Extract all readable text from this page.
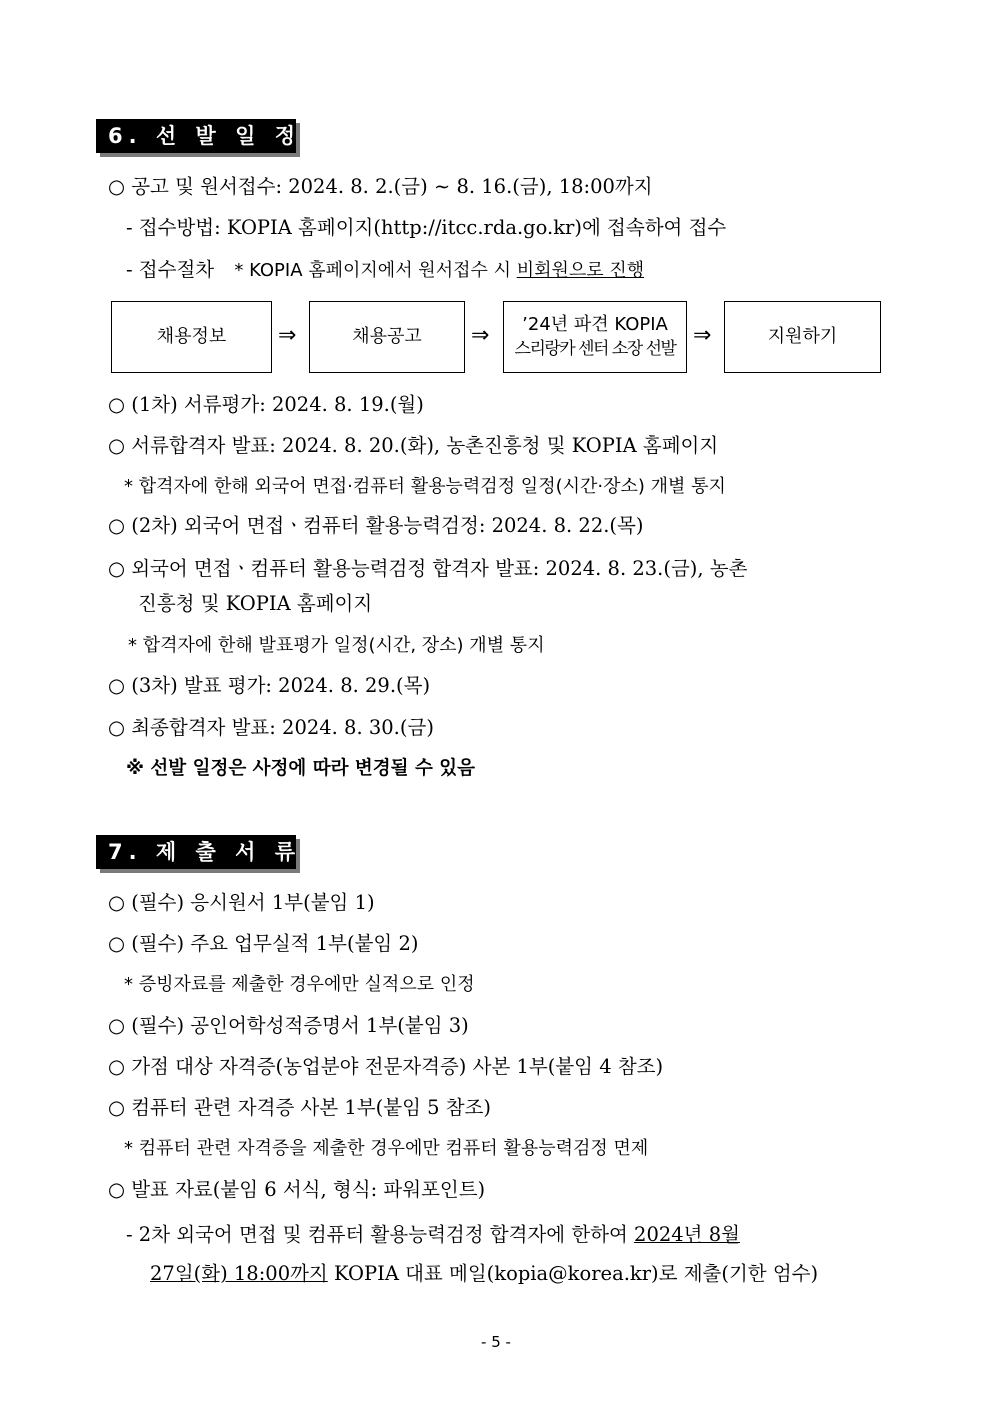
6. 선 발 일 정
○ 공고 및 원서접수: 2024. 8. 2.(금) ∼ 8. 16.(금), 18:00까지
- 접수방법: KOPIA 홈페이지(http://itcc.rda.go.kr)에 접속하여 접수
- 접수절차 * KOPIA 홈페이지에서 원서접수 시 비회원으로 진행
채용정보 ⇒	채용공고 ⇒	’24년 파견 KOPIA
스리랑카 센터 소장 선발
⇒	지원하기
○ (1차) 서류평가: 2024. 8. 19.(월)
○ 서류합격자 발표: 2024. 8. 20.(화), 농촌진흥청 및 KOPIA 홈페이지
* 합격자에 한해 외국어 면접·컴퓨터 활용능력검정 일정(시간·장소) 개별 통지
○ (2차) 외국어 면접ㆍ컴퓨터 활용능력검정: 2024. 8. 22.(목)
○ 외국어 면접ㆍ컴퓨터 활용능력검정 합격자 발표: 2024. 8. 23.(금), 농촌
진흥청 및 KOPIA 홈페이지
* 합격자에 한해 발표평가 일정(시간, 장소) 개별 통지
○ (3차) 발표 평가: 2024. 8. 29.(목)
○ 최종합격자 발표: 2024. 8. 30.(금)
※ 선발 일정은 사정에 따라 변경될 수 있음
7. 제 출 서 류
○ (필수) 응시원서 1부(붙임 1)
○ (필수) 주요 업무실적 1부(붙임 2)
* 증빙자료를 제출한 경우에만 실적으로 인정
○ (필수) 공인어학성적증명서 1부(붙임 3)
○ 가점 대상 자격증(농업분야 전문자격증) 사본 1부(붙임 4 참조)
○ 컴퓨터 관련 자격증 사본 1부(붙임 5 참조)
* 컴퓨터 관련 자격증을 제출한 경우에만 컴퓨터 활용능력검정 면제
○ 발표 자료(붙임 6 서식, 형식: 파워포인트)
- 2차 외국어 면접 및 컴퓨터 활용능력검정 합격자에 한하여 2024년 8월
27일(화) 18:00까지 KOPIA 대표 메일(kopia@korea.kr)로 제출(기한 엄수)
- 5 -
